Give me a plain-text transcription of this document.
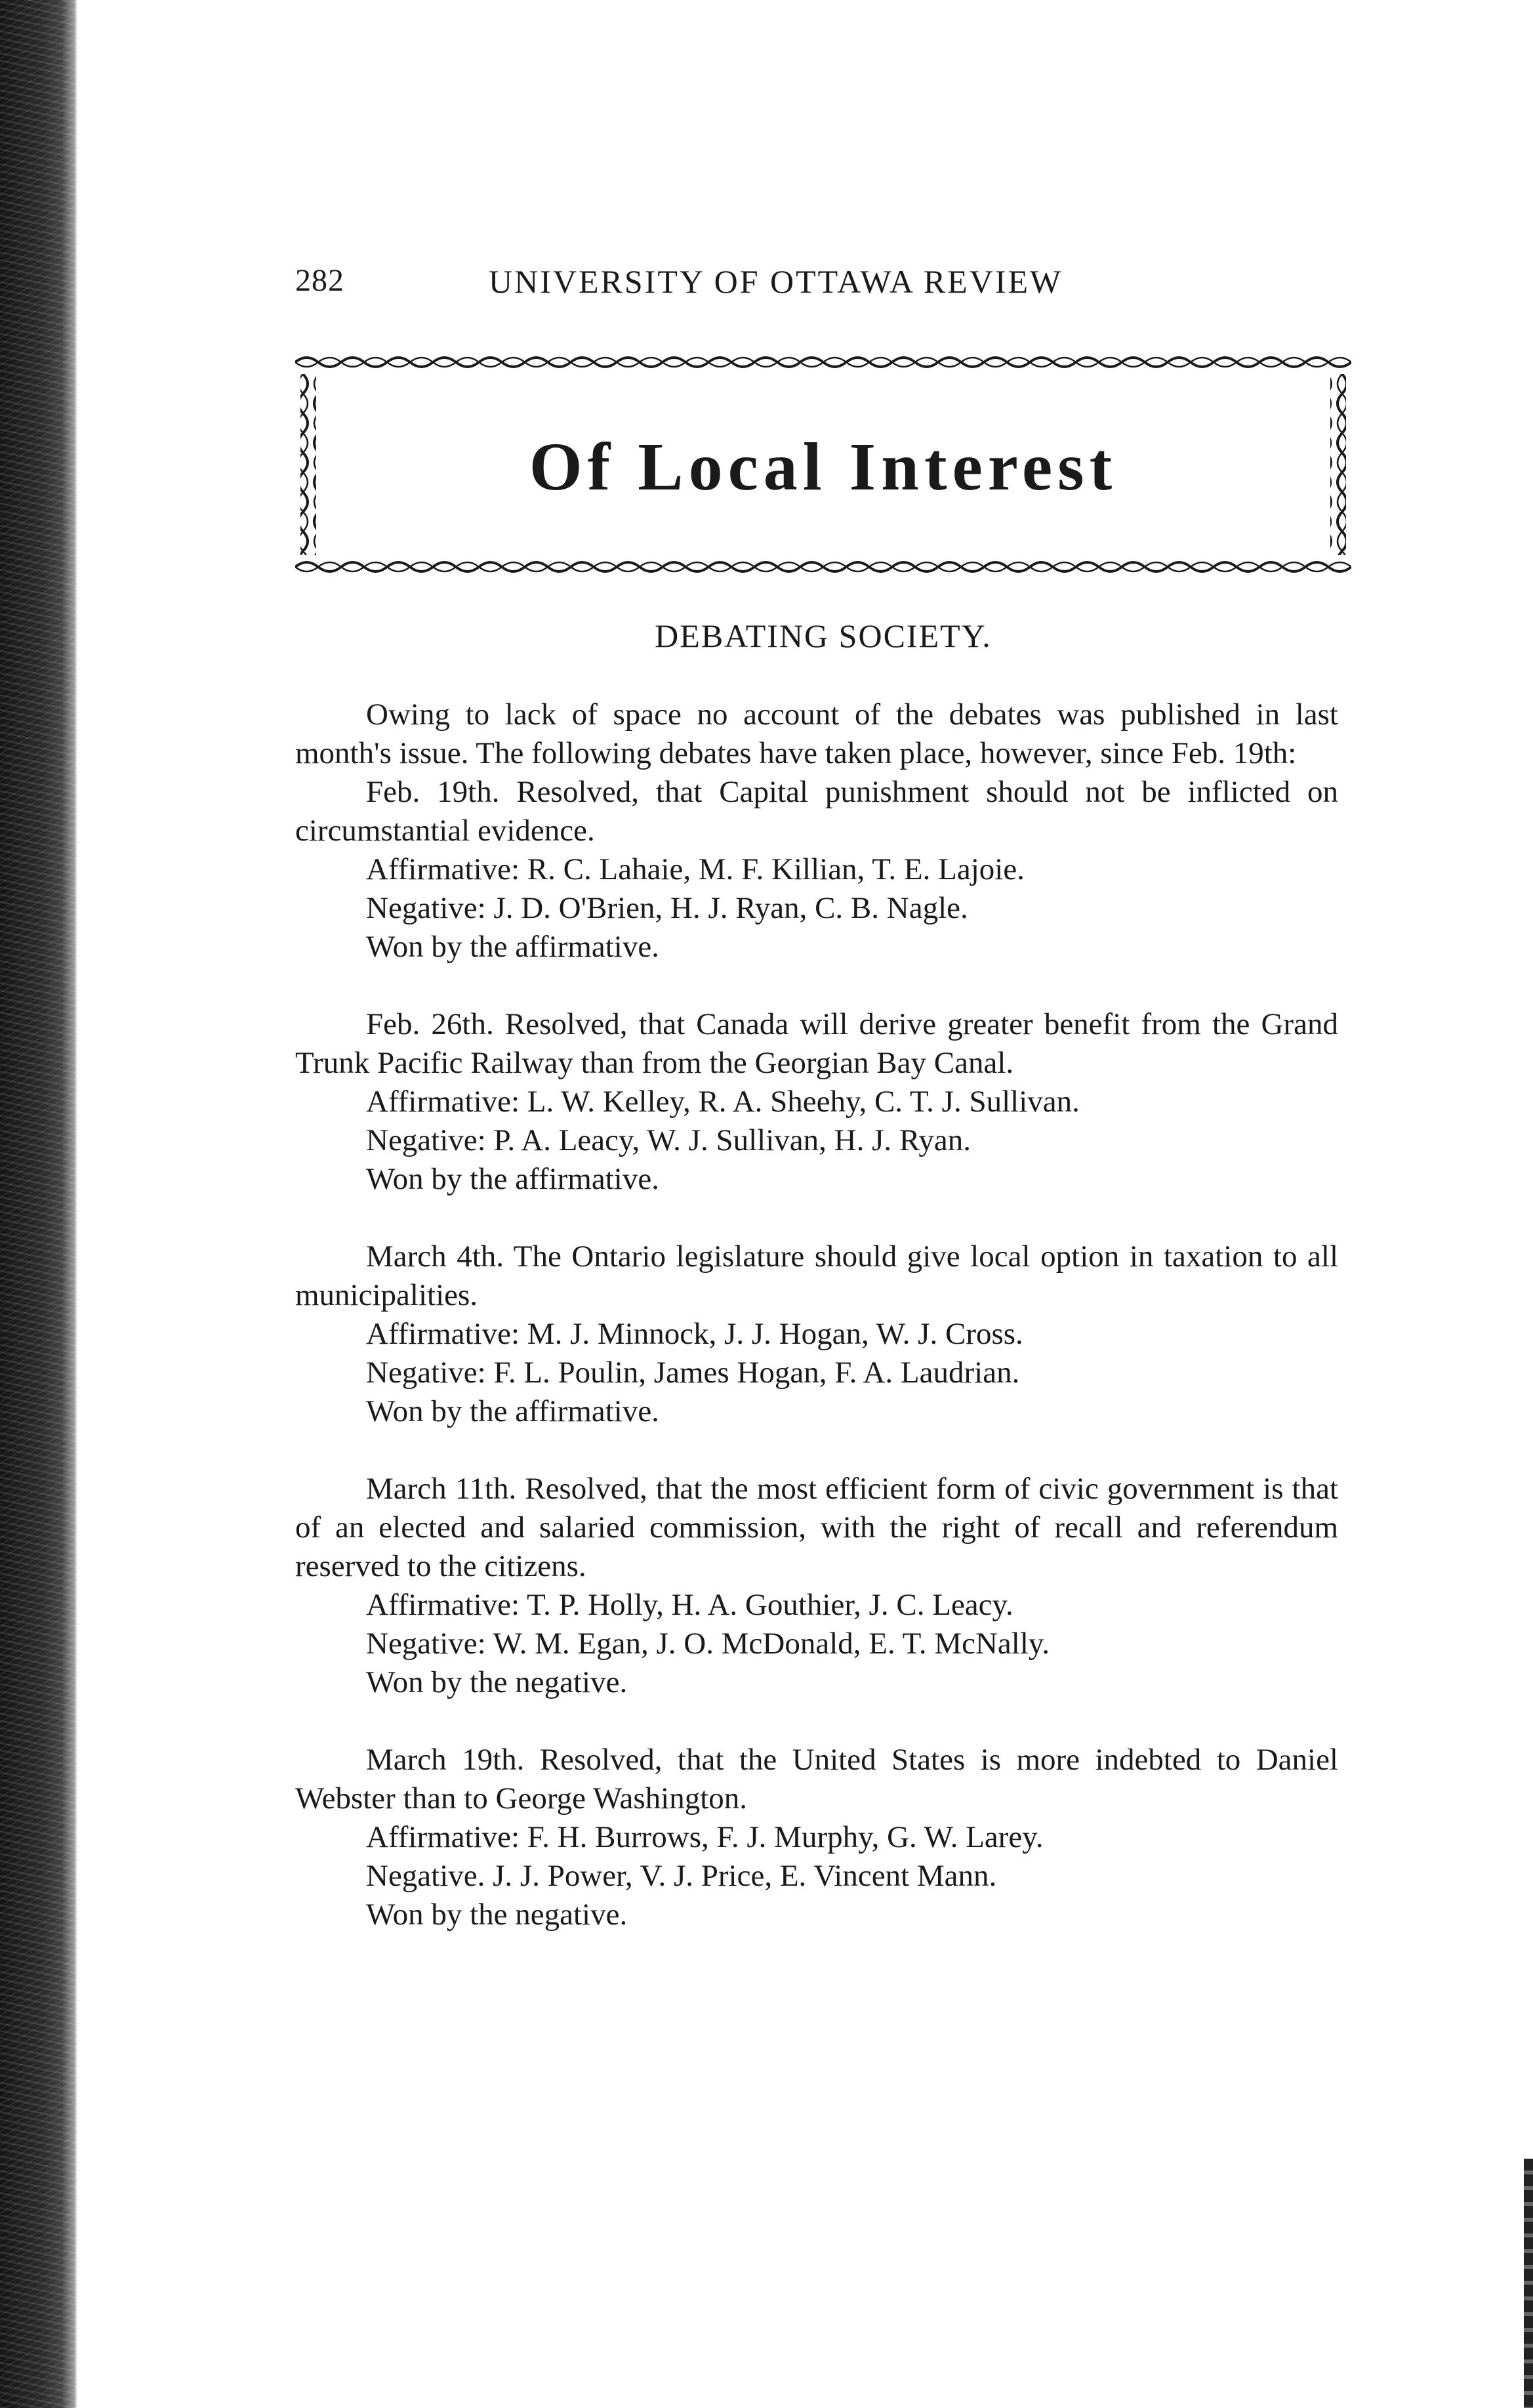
282	UNIVERSITY OF OTTAWA REVIEW
Of Local Interest
DEBATING SOCIETY.

Owing to lack of space no account of the debates was published in last month's issue. The following debates have taken place, however, since Feb. 19th:

Feb. 19th. Resolved, that Capital punishment should not be inflicted on circumstantial evidence.

Affirmative: R. C. Lahaie, M. F. Killian, T. E. Lajoie.

Negative: J. D. O'Brien, H. J. Ryan, C. B. Nagle.

Won by the affirmative.

Feb. 26th. Resolved, that Canada will derive greater benefit from the Grand Trunk Pacific Railway than from the Georgian Bay Canal.

Affirmative: L. W. Kelley, R. A. Sheehy, C. T. J. Sullivan.

Negative: P. A. Leacy, W. J. Sullivan, H. J. Ryan.

Won by the affirmative.

March 4th. The Ontario legislature should give local option in taxation to all municipalities.

Affirmative: M. J. Minnock, J. J. Hogan, W. J. Cross.

Negative: F. L. Poulin, James Hogan, F. A. Laudrian.

Won by the affirmative.

March 11th. Resolved, that the most efficient form of civic government is that of an elected and salaried commission, with the right of recall and referendum reserved to the citizens.

Affirmative: T. P. Holly, H. A. Gouthier, J. C. Leacy.

Negative: W. M. Egan, J. O. McDonald, E. T. McNally.

Won by the negative.

March 19th. Resolved, that the United States is more indebted to Daniel Webster than to George Washington.

Affirmative: F. H. Burrows, F. J. Murphy, G. W. Larey.

Negative. J. J. Power, V. J. Price, E. Vincent Mann.

Won by the negative.
